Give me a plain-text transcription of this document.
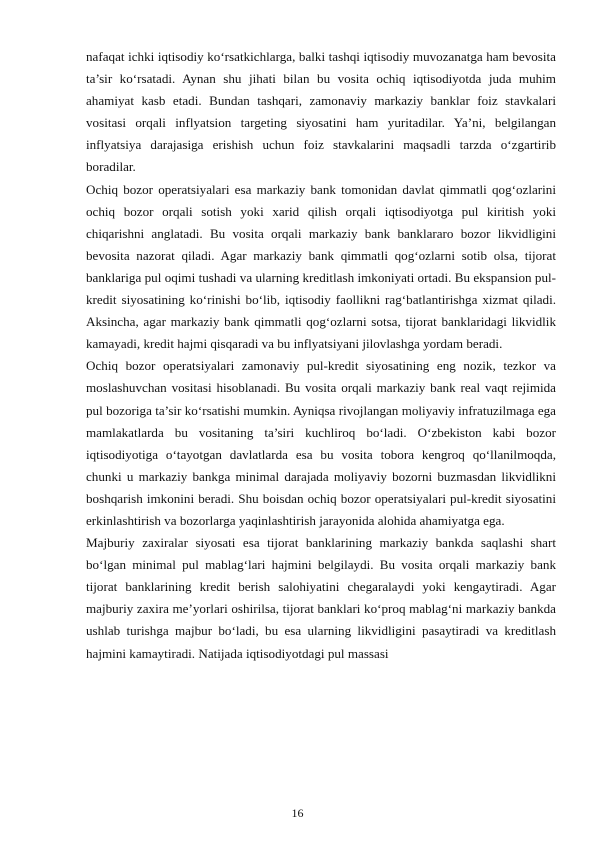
nafaqat ichki iqtisodiy ko‘rsatkichlarga, balki tashqi iqtisodiy muvozanatga ham bevosita ta’sir ko‘rsatadi. Aynan shu jihati bilan bu vosita ochiq iqtisodiyotda juda muhim ahamiyat kasb etadi. Bundan tashqari, zamonaviy markaziy banklar foiz stavkalari vositasi orqali inflyatsion targeting siyosatini ham yuritadilar. Ya’ni, belgilangan inflyatsiya darajasiga erishish uchun foiz stavkalarini maqsadli tarzda o‘zgartirib boradilar.

Ochiq bozor operatsiyalari esa markaziy bank tomonidan davlat qimmatli qog‘ozlarini ochiq bozor orqali sotish yoki xarid qilish orqali iqtisodiyotga pul kiritish yoki chiqarishni anglatadi. Bu vosita orqali markaziy bank banklararo bozor likvidligini bevosita nazorat qiladi. Agar markaziy bank qimmatli qog‘ozlarni sotib olsa, tijorat banklariga pul oqimi tushadi va ularning kreditlash imkoniyati ortadi. Bu ekspansion pul-kredit siyosatining ko‘rinishi bo‘lib, iqtisodiy faollikni rag‘batlantirishga xizmat qiladi. Aksincha, agar markaziy bank qimmatli qog‘ozlarni sotsa, tijorat banklaridagi likvidlik kamayadi, kredit hajmi qisqaradi va bu inflyatsiyani jilovlashga yordam beradi.

Ochiq bozor operatsiyalari zamonaviy pul-kredit siyosatining eng nozik, tezkor va moslashuvchan vositasi hisoblanadi. Bu vosita orqali markaziy bank real vaqt rejimida pul bozoriga ta’sir ko‘rsatishi mumkin. Ayniqsa rivojlangan moliyaviy infratuzilmaga ega mamlakatlarda bu vositaning ta’siri kuchliroq bo‘ladi. O‘zbekiston kabi bozor iqtisodiyotiga o‘tayotgan davlatlarda esa bu vosita tobora kengroq qo‘llanilmoqda, chunki u markaziy bankga minimal darajada moliyaviy bozorni buzmasdan likvidlikni boshqarish imkonini beradi. Shu boisdan ochiq bozor operatsiyalari pul-kredit siyosatini erkinlashtirish va bozorlarga yaqinlashtirish jarayonida alohida ahamiyatga ega.

Majburiy zaxiralar siyosati esa tijorat banklarining markaziy bankda saqlashi shart bo‘lgan minimal pul mablag‘lari hajmini belgilaydi. Bu vosita orqali markaziy bank tijorat banklarining kredit berish salohiyatini chegaralaydi yoki kengaytiradi. Agar majburiy zaxira me’yorlari oshirilsa, tijorat banklari ko‘proq mablag‘ni markaziy bankda ushlab turishga majbur bo‘ladi, bu esa ularning likvidligini pasaytiradi va kreditlash hajmini kamaytiradi. Natijada iqtisodiyotdagi pul massasi

16
